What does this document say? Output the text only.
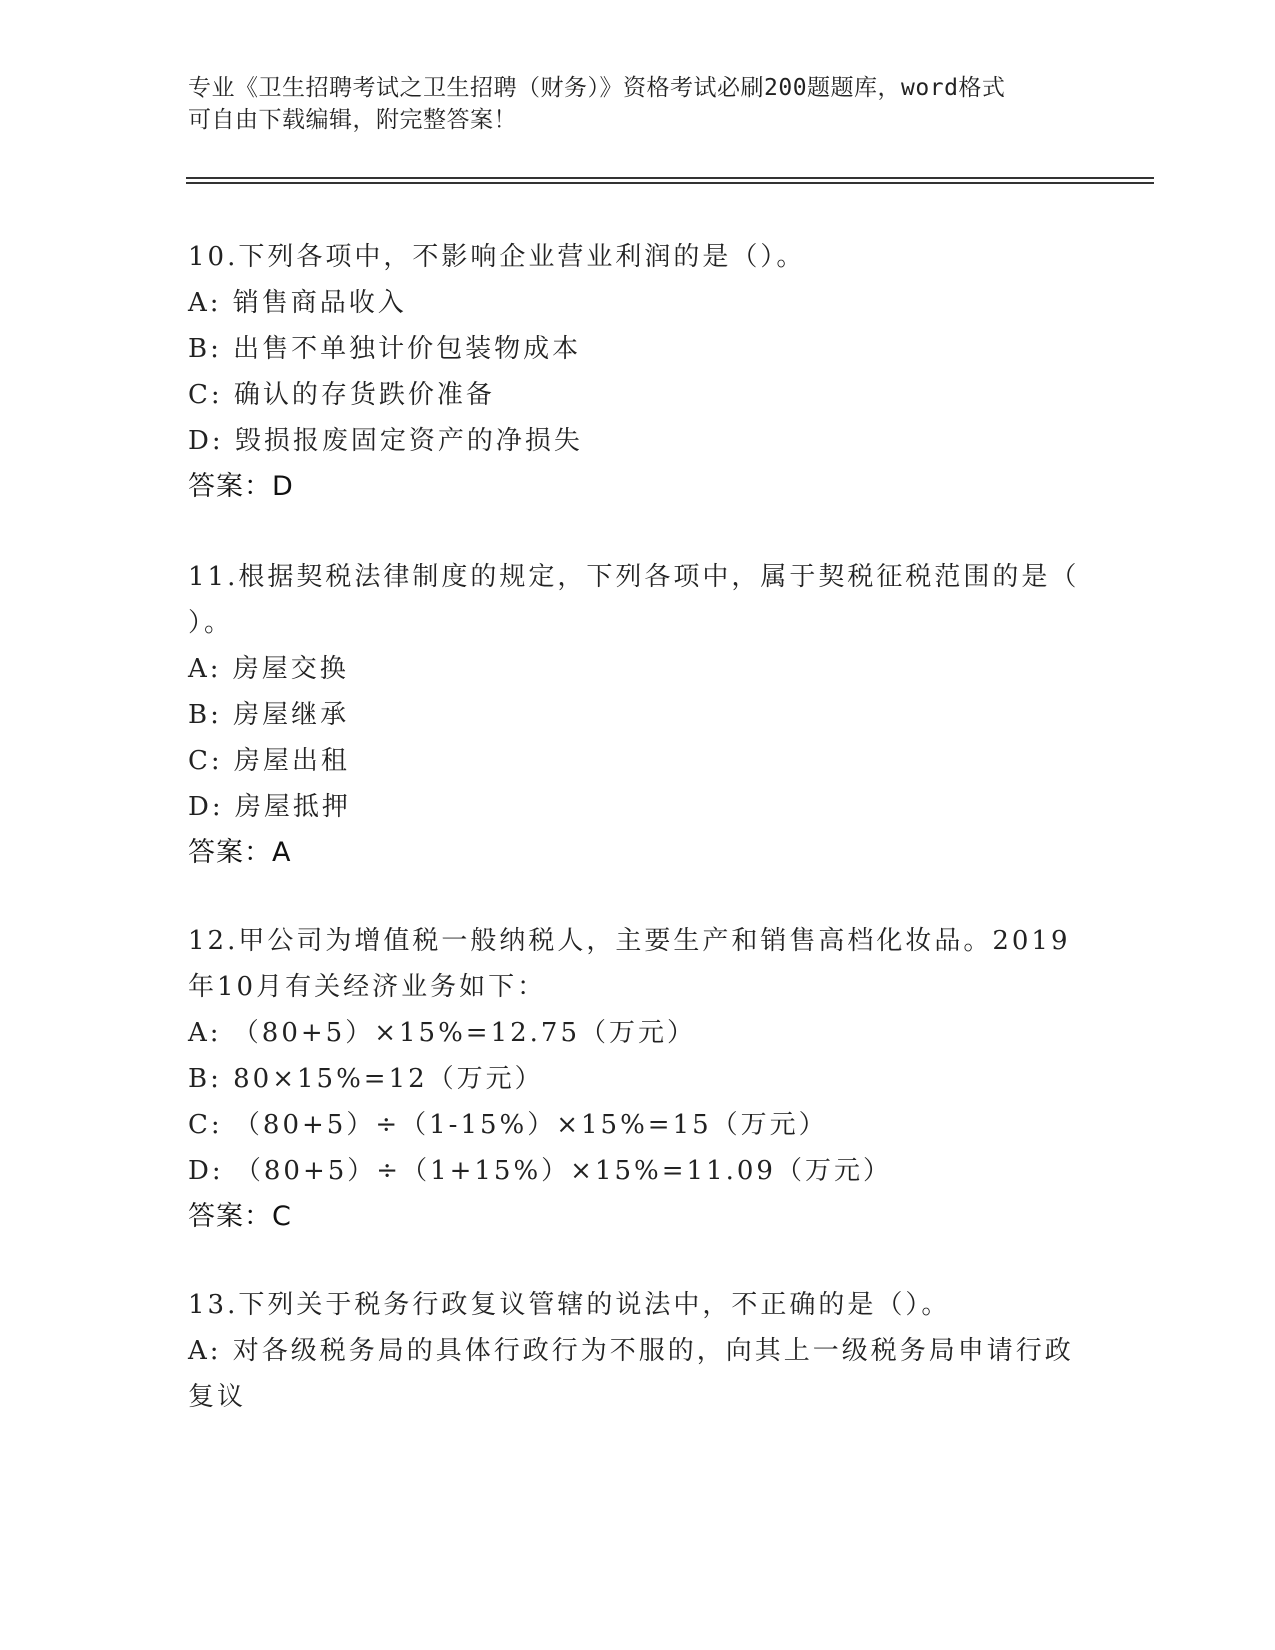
专业《卫生招聘考试之卫生招聘（财务）》资格考试必刷200题题库，word格式
可自由下载编辑，附完整答案！
10.下列各项中，不影响企业营业利润的是（）。
A: 销售商品收入
B: 出售不单独计价包装物成本
C: 确认的存货跌价准备
D: 毁损报废固定资产的净损失
答案：D
11.根据契税法律制度的规定，下列各项中，属于契税征税范围的是（
）。
A: 房屋交换
B: 房屋继承
C: 房屋出租
D: 房屋抵押
答案：A
12.甲公司为增值税一般纳税人，主要生产和销售高档化妆品。2019
年10月有关经济业务如下：
A: （80+5）×15%=12.75（万元）
B: 80×15%=12（万元）
C: （80+5）÷（1-15%）×15%=15（万元）
D: （80+5）÷（1+15%）×15%=11.09（万元）
答案：C
13.下列关于税务行政复议管辖的说法中，不正确的是（）。
A: 对各级税务局的具体行政行为不服的，向其上一级税务局申请行政
复议
